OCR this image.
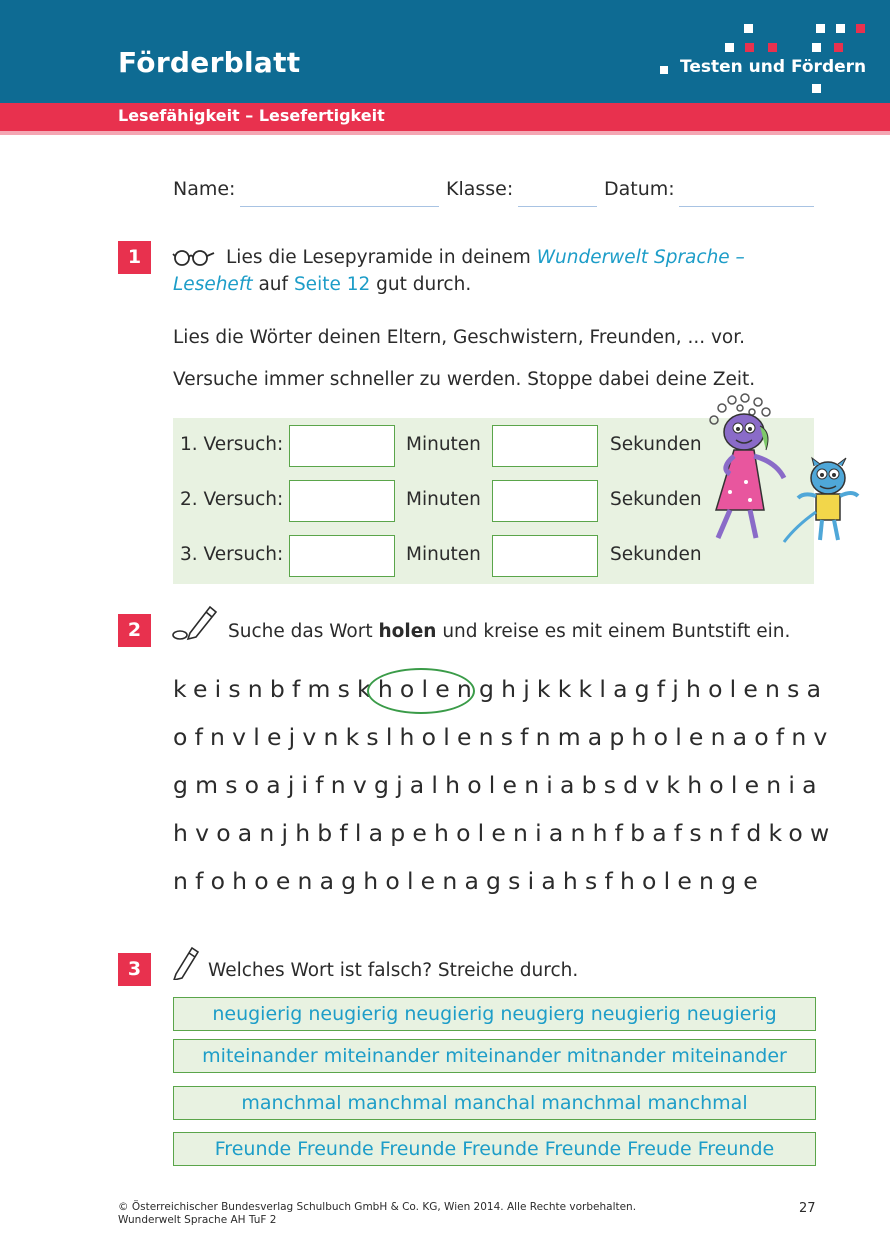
Förderblatt	Testen und Fördern
Lesefähigkeit – Lesefertigkeit
Name:	Klasse:	Datum:
1	Lies die Lesepyramide in deinem Wunderwelt Sprache –
Leseheft auf Seite 12 gut durch.
Lies die Wörter deinen Eltern, Geschwistern, Freunden, ... vor.
Versuche immer schneller zu werden. Stoppe dabei deine Zeit.
1. Versuch:	Minuten	Sekunden
2. Versuch:	Minuten	Sekunden
3. Versuch:	Minuten	Sekunden
2	Suche das Wort holen und kreise es mit einem Buntstift ein.
keisnbfmskholenghjkkklagfjholensa
ofnvlejvnkslholensfnmapholenaofnv
gmsoajifnvgjalholeniabsdvkholenia
hvoanjhbflapeholenianhfbafsnfdkow
nfohoenagholenagsiahsfholenge
3	Welches Wort ist falsch? Streiche durch.
neugierig neugierig neugierig neugierg neugierig neugierig
miteinander miteinander miteinander mitnander miteinander
manchmal manchmal manchal manchmal manchmal
Freunde Freunde Freunde Freunde Freunde Freude Freunde
© Österreichischer Bundesverlag Schulbuch GmbH & Co. KG, Wien 2014. Alle Rechte vorbehalten.
Wunderwelt Sprache AH TuF 2
27
